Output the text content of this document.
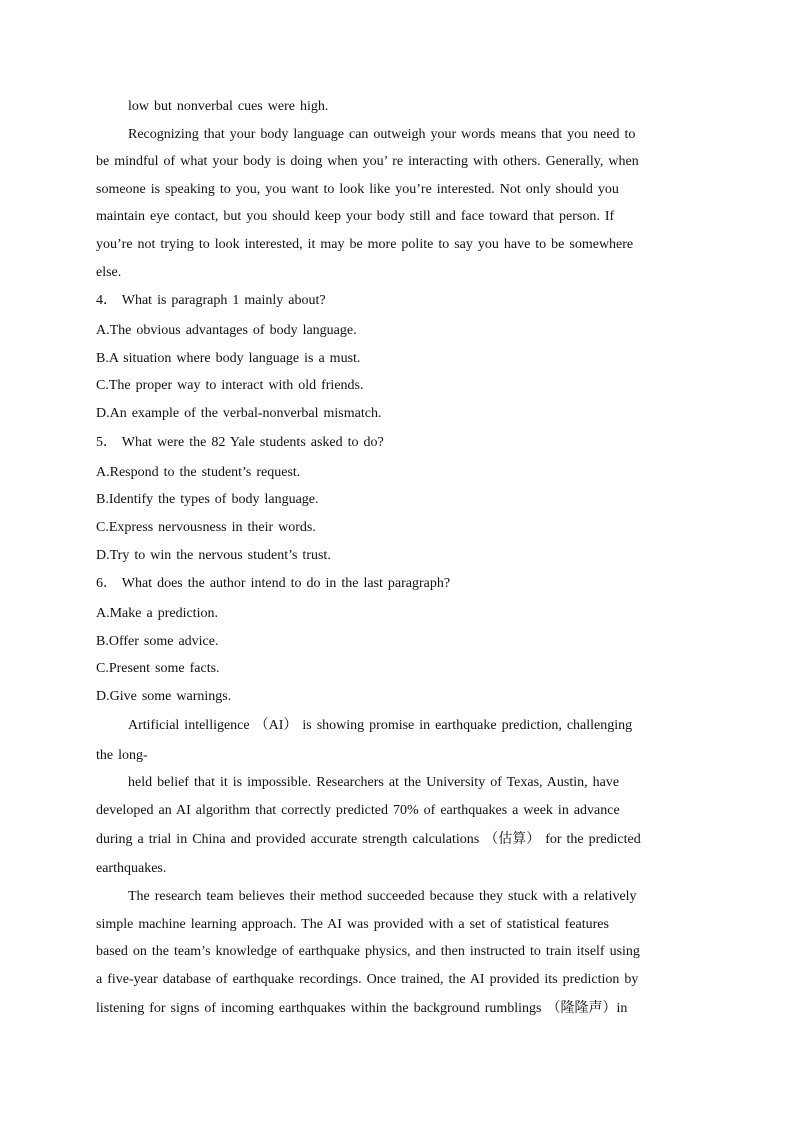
low but nonverbal cues were high.
Recognizing that your body language can outweigh your words means that you need to
be mindful of what your body is doing when you’ re interacting with others. Generally, when
someone is speaking to you, you want to look like you’re interested. Not only should you
maintain eye contact, but you should keep your body still and face toward that person. If
you’re not trying to look interested, it may be more polite to say you have to be somewhere
else.
4． What is paragraph 1 mainly about?
A.The obvious advantages of body language.
B.A situation where body language is a must.
C.The proper way to interact with old friends.
D.An example of the verbal-nonverbal mismatch.
5． What were the 82 Yale students asked to do?
A.Respond to the student’s request.
B.Identify the types of body language.
C.Express nervousness in their words.
D.Try to win the nervous student’s trust.
6． What does the author intend to do in the last paragraph?
A.Make a prediction.
B.Offer some advice.
C.Present some facts.
D.Give some warnings.
Artificial intelligence （AI） is showing promise in earthquake prediction, challenging
the long-
held belief that it is impossible. Researchers at the University of Texas, Austin, have
developed an AI algorithm that correctly predicted 70% of earthquakes a week in advance
during a trial in China and provided accurate strength calculations （估算） for the predicted
earthquakes.
The research team believes their method succeeded because they stuck with a relatively
simple machine learning approach. The AI was provided with a set of statistical features
based on the team’s knowledge of earthquake physics, and then instructed to train itself using
a five-year database of earthquake recordings. Once trained, the AI provided its prediction by
listening for signs of incoming earthquakes within the background rumblings （隆隆声）in
